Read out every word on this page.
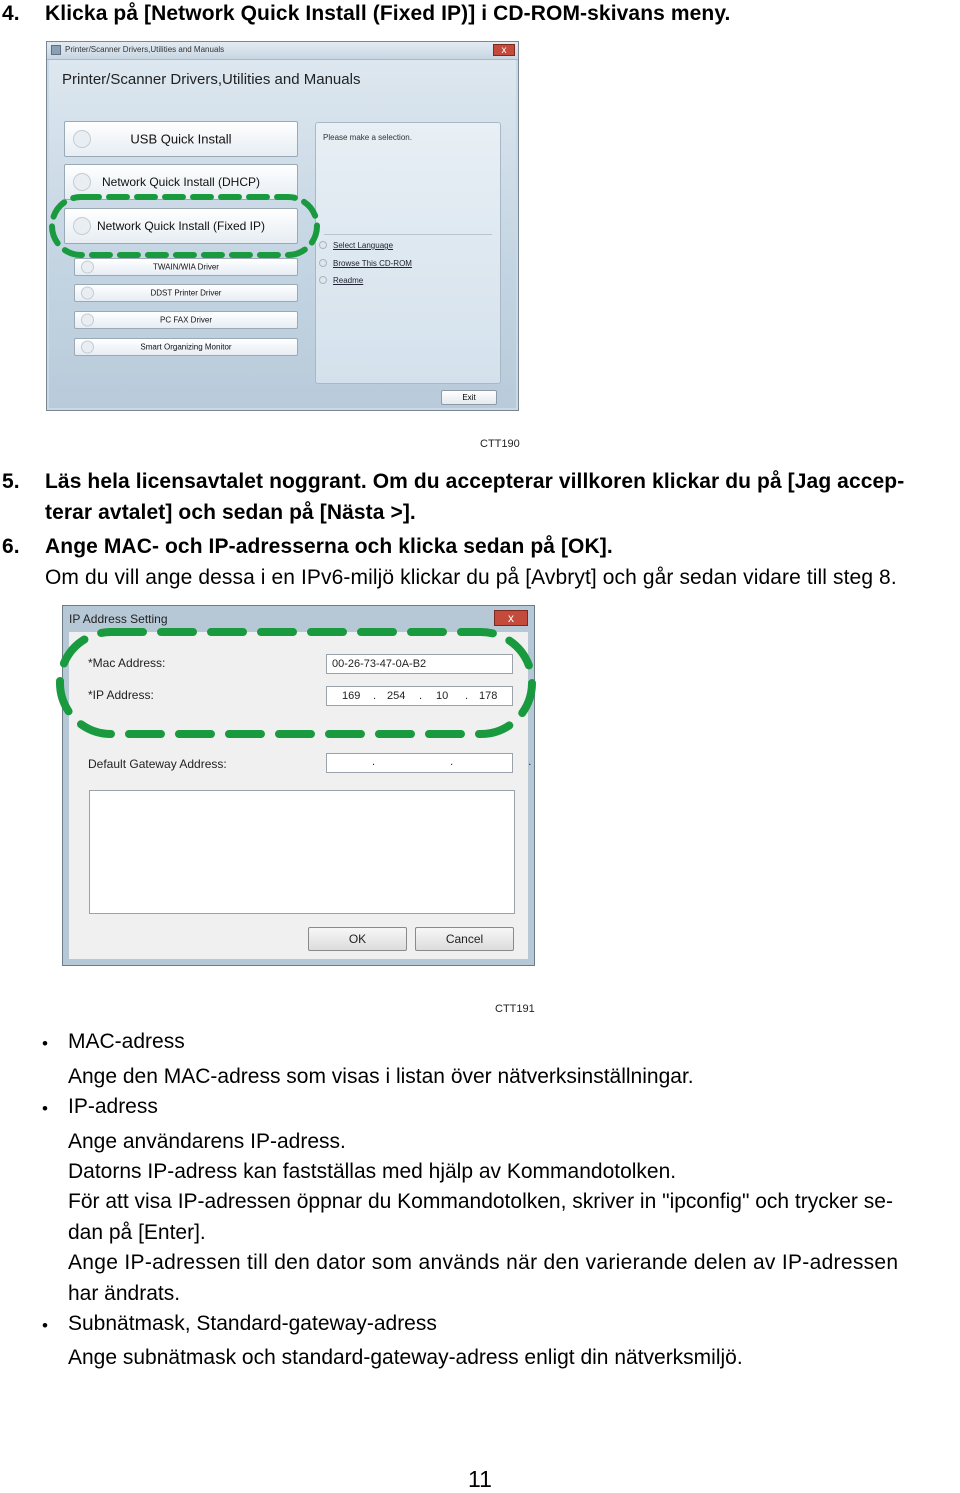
4. Klicka på [Network Quick Install (Fixed IP)] i CD-ROM-skivans meny.
Printer/Scanner Drivers,Utilities and Manuals	x
Printer/Scanner Drivers,Utilities and Manuals
USB Quick Install
Network Quick Install (DHCP)
Network Quick Install (Fixed IP)
TWAIN/WIA Driver
DDST Printer Driver
PC FAX Driver
Smart Organizing Monitor
Please make a selection.
Select Language
Browse This CD-ROM
Readme
Exit
CTT190
5. Läs hela licensavtalet noggrant. Om du accepterar villkoren klickar du på [Jag accep-
terar avtalet] och sedan på [Nästa >].
6. Ange MAC- och IP-adresserna och klicka sedan på [OK].
Om du vill ange dessa i en IPv6-miljö klickar du på [Avbryt] och går sedan vidare till steg 8.
IP Address Setting	x
*Mac Address:	00-26-73-47-0A-B2
*IP Address:	169 . 254 . 10 . 178
Default Gateway Address:	. . .
OK	Cancel
CTT191
• MAC-adress
Ange den MAC-adress som visas i listan över nätverksinställningar.
• IP-adress
Ange användarens IP-adress.
Datorns IP-adress kan fastställas med hjälp av Kommandotolken.
För att visa IP-adressen öppnar du Kommandotolken, skriver in "ipconfig" och trycker se-
dan på [Enter].
Ange IP-adressen till den dator som används när den varierande delen av IP-adressen
har ändrats.
• Subnätmask, Standard-gateway-adress
Ange subnätmask och standard-gateway-adress enligt din nätverksmiljö.
11
